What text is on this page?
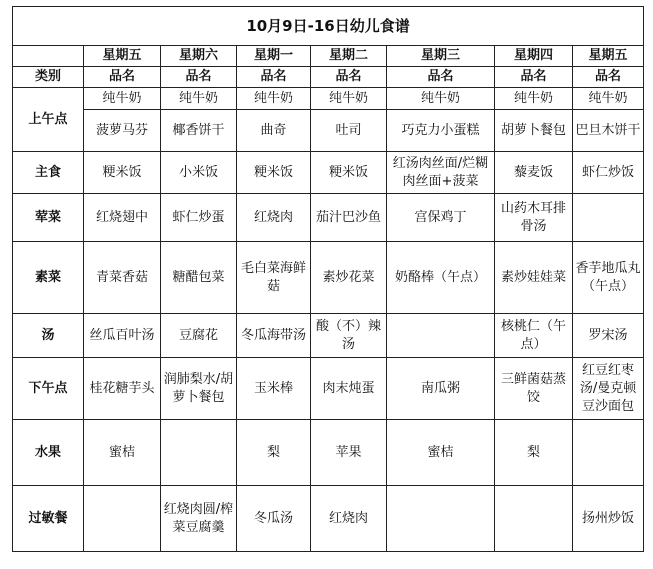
10月9日-16日幼儿食谱							
	星期五	星期六	星期一	星期二	星期三	星期四	星期五
类别	品名	品名	品名	品名	品名	品名	品名
上午点	纯牛奶	纯牛奶	纯牛奶	纯牛奶	纯牛奶	纯牛奶	纯牛奶
	菠萝马芬	椰香饼干	曲奇	吐司	巧克力小蛋糕	胡萝卜餐包	巴旦木饼干
主食	粳米饭	小米饭	粳米饭	粳米饭	红汤肉丝面/烂糊肉丝面+菠菜	藜麦饭	虾仁炒饭
荤菜	红烧翅中	虾仁炒蛋	红烧肉	茄汁巴沙鱼	宫保鸡丁	山药木耳排骨汤	
素菜	青菜香菇	糖醋包菜	毛白菜海鲜菇	素炒花菜	奶酪棒（午点）	素炒娃娃菜	香芋地瓜丸（午点）
汤	丝瓜百叶汤	豆腐花	冬瓜海带汤	酸（不）辣汤		核桃仁（午点）	罗宋汤
下午点	桂花糖芋头	润肺梨水/胡萝卜餐包	玉米棒	肉末炖蛋	南瓜粥	三鲜菌菇蒸饺	红豆红枣汤/曼克顿豆沙面包
水果	蜜桔		梨	苹果	蜜桔	梨	
过敏餐		红烧肉圆/榨菜豆腐羹	冬瓜汤	红烧肉			扬州炒饭
